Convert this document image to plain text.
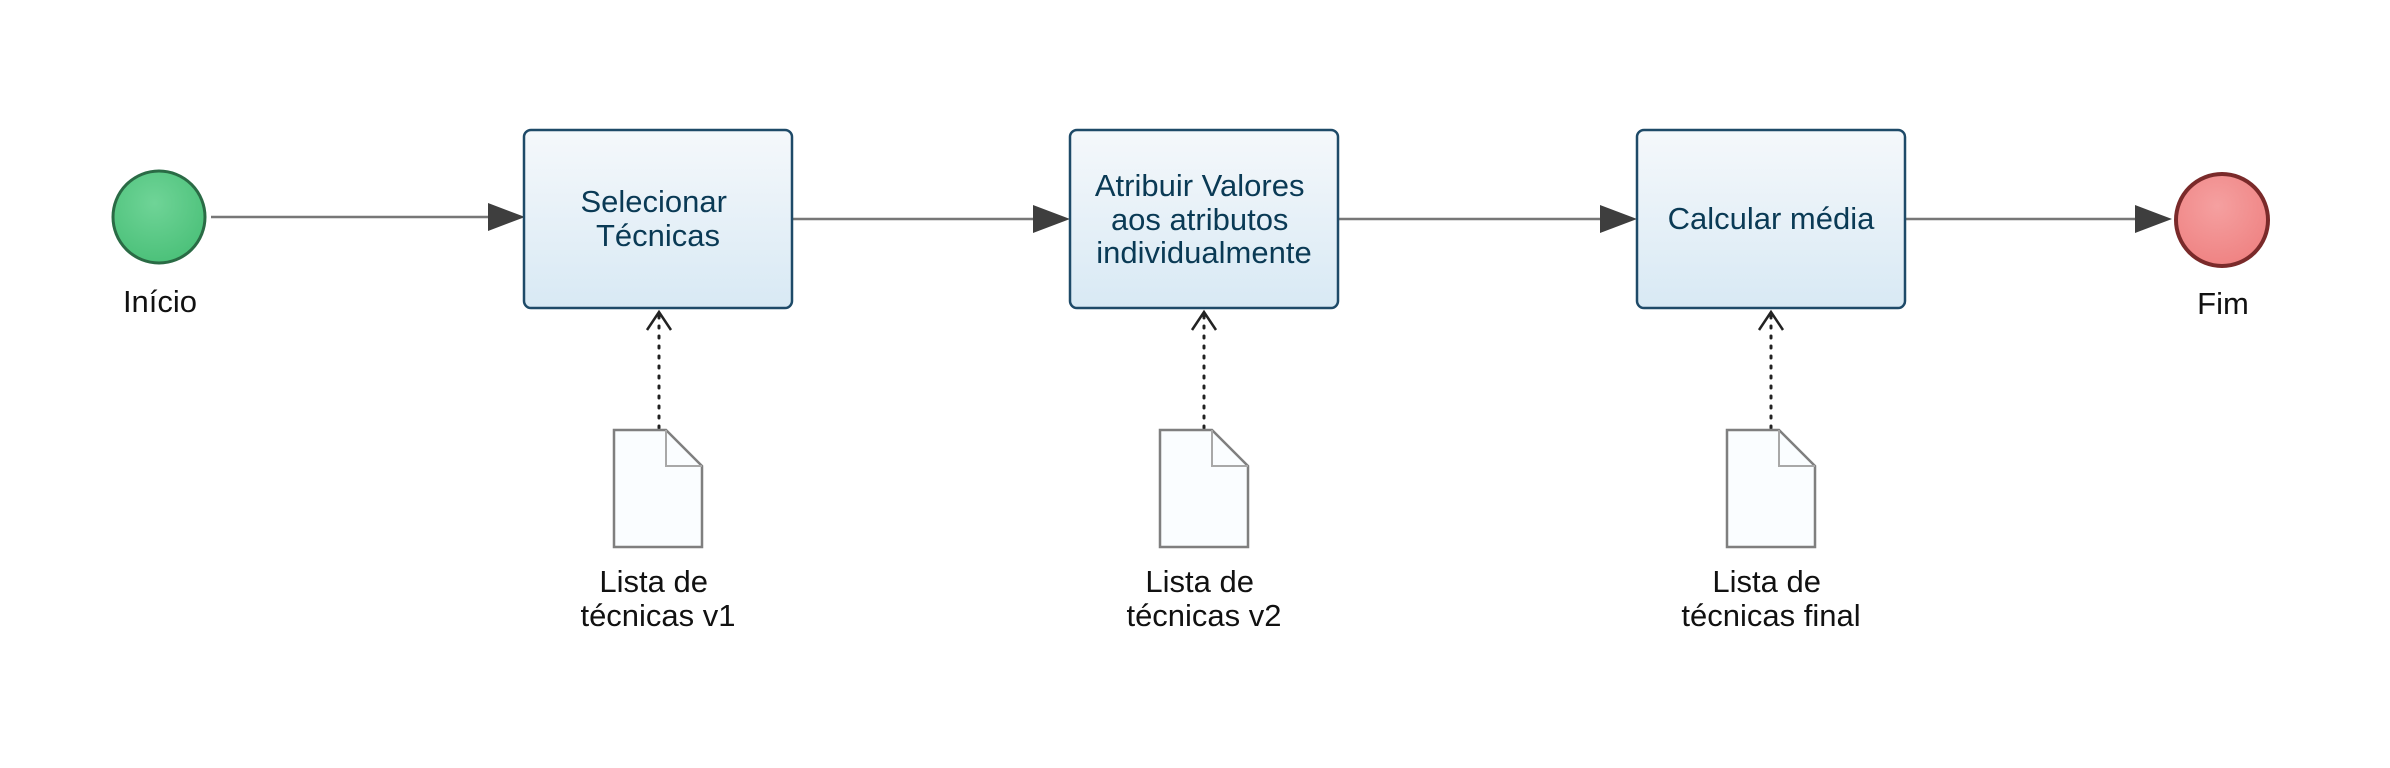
Início	Fim
Selecionar Técnicas
Atribuir Valores aos atributos individualmente
Calcular média
Lista de técnicas v1
Lista de técnicas v2
Lista de técnicas final
